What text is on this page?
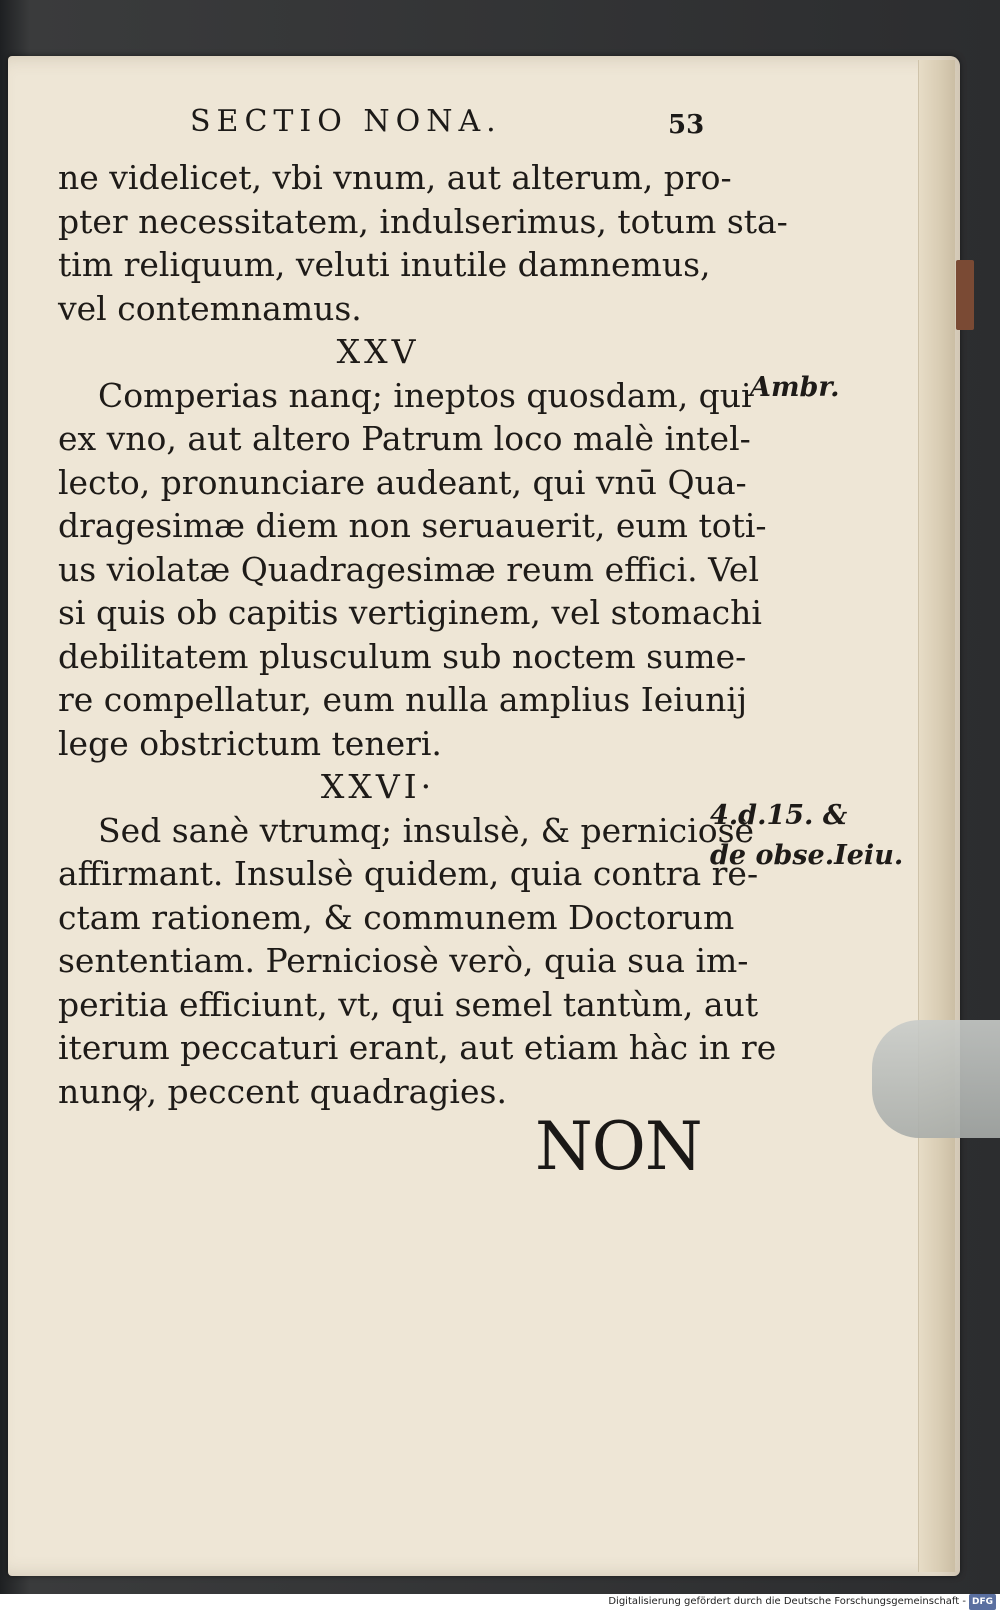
SECTIO NONA.	53
ne videlicet, vbi vnum, aut alterum, pro-
pter necessitatem, indulserimus, totum sta-
tim reliquum, veluti inutile damnemus,
vel contemnamus.
XXV
Comperias nanq; ineptos quosdam, qui
ex vno, aut altero Patrum loco malè intel-
lecto, pronunciare audeant, qui vnū Qua-
dragesimæ diem non seruauerit, eum toti-
us violatæ Quadragesimæ reum effici. Vel
si quis ob capitis vertiginem, vel stomachi
debilitatem plusculum sub noctem sume-
re compellatur, eum nulla amplius Ieiunij
lege obstrictum teneri.
XXVI·
Sed sanè vtrumq; insulsè, & perniciosè
affirmant. Insulsè quidem, quia contra re-
ctam rationem, & communem Doctorum
sententiam. Perniciosè verò, quia sua im-
peritia efficiunt, vt, qui semel tantùm, aut
iterum peccaturi erant, aut etiam hàc in re
nunꝙ, peccent quadragies.
Ambr.
4.d.15. &
de obse.Ieiu.
NON
Digitalisierung gefördert durch die Deutsche Forschungsgemeinschaft - DFG
